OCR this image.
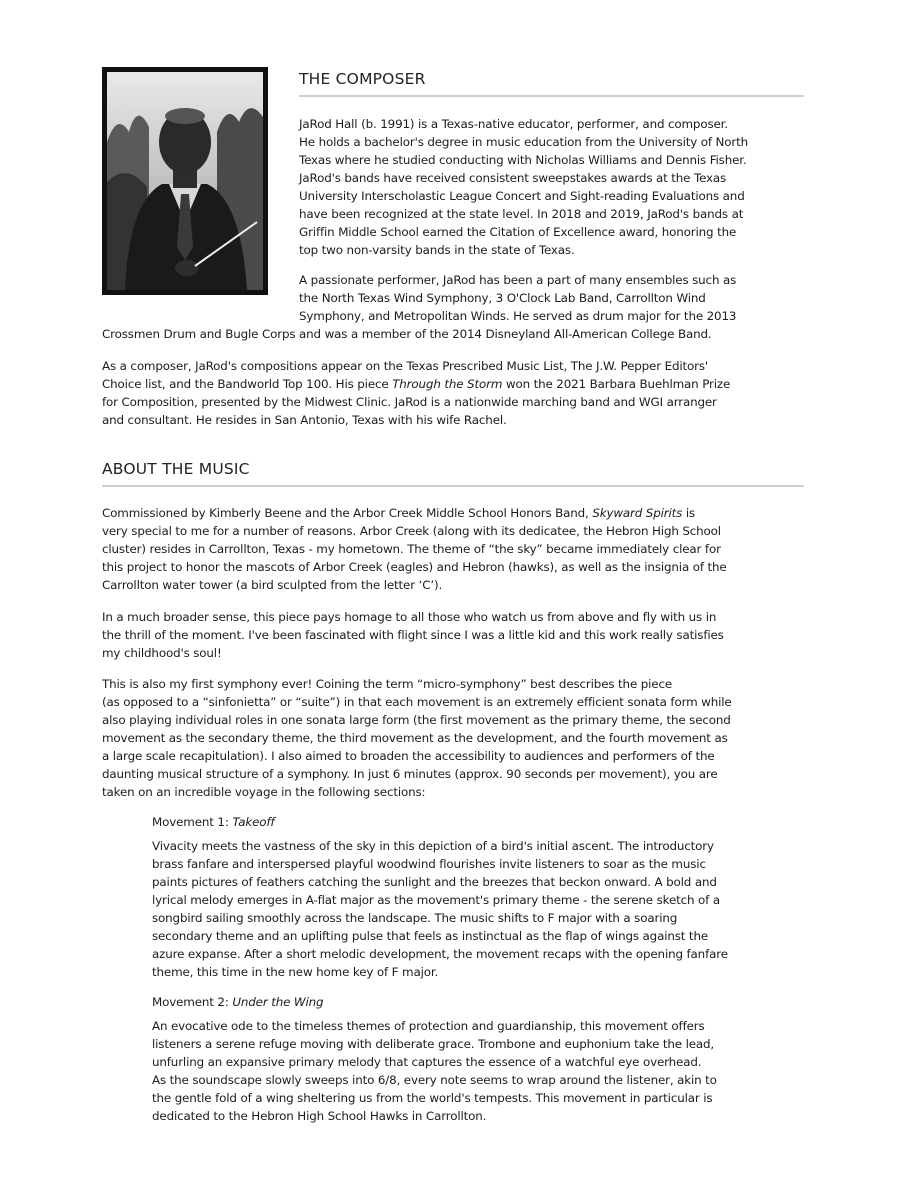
THE COMPOSER

JaRod Hall (b. 1991) is a Texas-native educator, performer, and composer.
He holds a bachelor's degree in music education from the University of North
Texas where he studied conducting with Nicholas Williams and Dennis Fisher.
JaRod's bands have received consistent sweepstakes awards at the Texas
University Interscholastic League Concert and Sight-reading Evaluations and
have been recognized at the state level. In 2018 and 2019, JaRod's bands at
Griffin Middle School earned the Citation of Excellence award, honoring the
top two non-varsity bands in the state of Texas.

A passionate performer, JaRod has been a part of many ensembles such as
the North Texas Wind Symphony, 3 O'Clock Lab Band, Carrollton Wind
Symphony, and Metropolitan Winds. He served as drum major for the 2013

Crossmen Drum and Bugle Corps and was a member of the 2014 Disneyland All-American College Band.

As a composer, JaRod's compositions appear on the Texas Prescribed Music List, The J.W. Pepper Editors'
Choice list, and the Bandworld Top 100. His piece Through the Storm won the 2021 Barbara Buehlman Prize
for Composition, presented by the Midwest Clinic. JaRod is a nationwide marching band and WGI arranger
and consultant. He resides in San Antonio, Texas with his wife Rachel.

ABOUT THE MUSIC

Commissioned by Kimberly Beene and the Arbor Creek Middle School Honors Band, Skyward Spirits is
very special to me for a number of reasons. Arbor Creek (along with its dedicatee, the Hebron High School
cluster) resides in Carrollton, Texas - my hometown. The theme of “the sky” became immediately clear for
this project to honor the mascots of Arbor Creek (eagles) and Hebron (hawks), as well as the insignia of the
Carrollton water tower (a bird sculpted from the letter ‘C’).

In a much broader sense, this piece pays homage to all those who watch us from above and fly with us in
the thrill of the moment. I've been fascinated with flight since I was a little kid and this work really satisfies
my childhood's soul!

This is also my first symphony ever! Coining the term “micro-symphony” best describes the piece
(as opposed to a “sinfonietta” or “suite”) in that each movement is an extremely efficient sonata form while
also playing individual roles in one sonata large form (the first movement as the primary theme, the second
movement as the secondary theme, the third movement as the development, and the fourth movement as
a large scale recapitulation). I also aimed to broaden the accessibility to audiences and performers of the
daunting musical structure of a symphony. In just 6 minutes (approx. 90 seconds per movement), you are
taken on an incredible voyage in the following sections:

Movement 1: Takeoff

Vivacity meets the vastness of the sky in this depiction of a bird's initial ascent. The introductory
brass fanfare and interspersed playful woodwind flourishes invite listeners to soar as the music
paints pictures of feathers catching the sunlight and the breezes that beckon onward. A bold and
lyrical melody emerges in A-flat major as the movement's primary theme - the serene sketch of a
songbird sailing smoothly across the landscape. The music shifts to F major with a soaring
secondary theme and an uplifting pulse that feels as instinctual as the flap of wings against the
azure expanse. After a short melodic development, the movement recaps with the opening fanfare
theme, this time in the new home key of F major.

Movement 2: Under the Wing

An evocative ode to the timeless themes of protection and guardianship, this movement offers
listeners a serene refuge moving with deliberate grace. Trombone and euphonium take the lead,
unfurling an expansive primary melody that captures the essence of a watchful eye overhead.
As the soundscape slowly sweeps into 6/8, every note seems to wrap around the listener, akin to
the gentle fold of a wing sheltering us from the world's tempests. This movement in particular is
dedicated to the Hebron High School Hawks in Carrollton.
